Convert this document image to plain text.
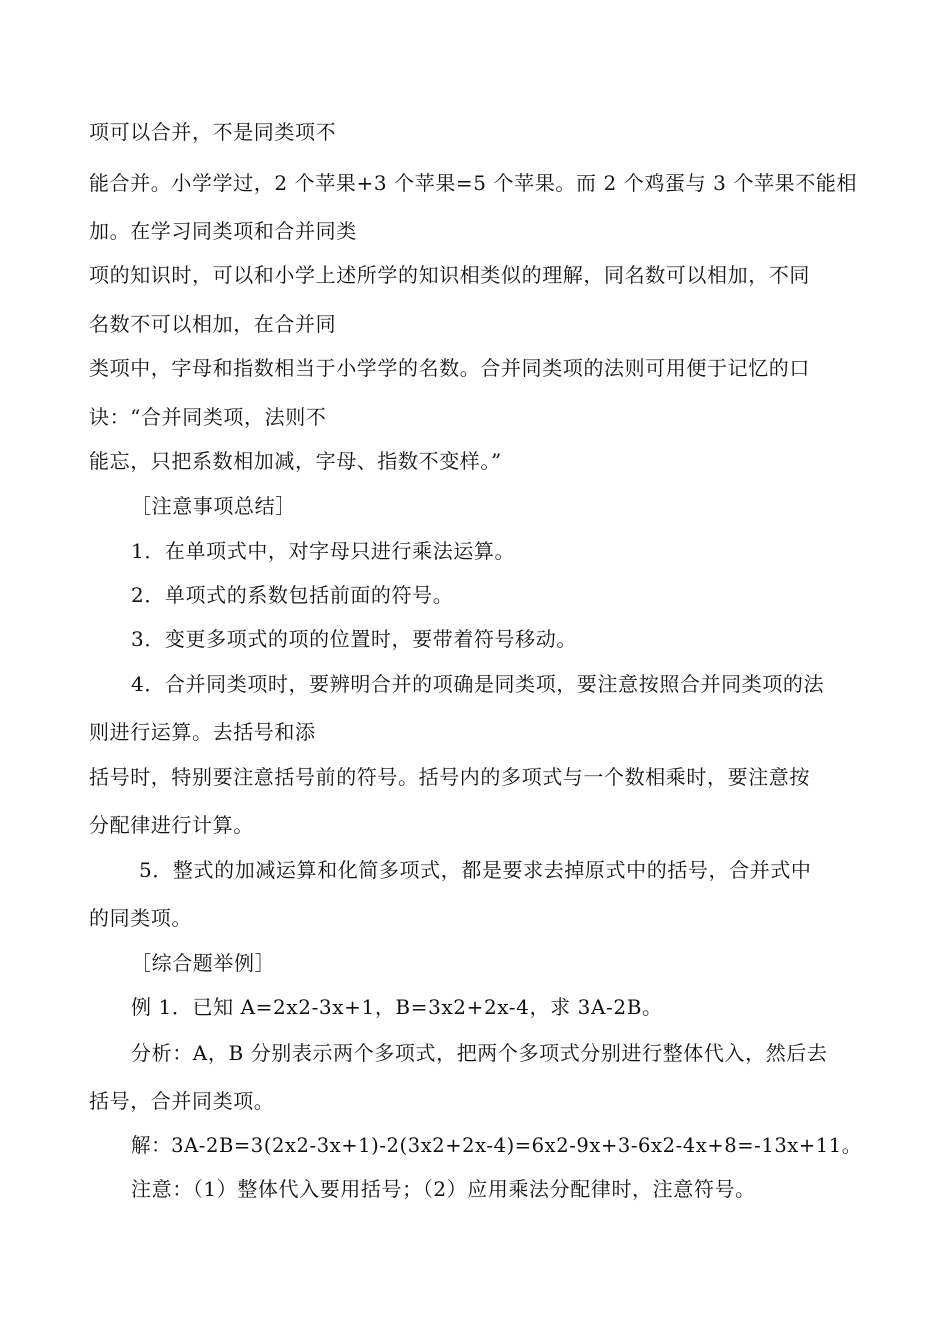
项可以合并，不是同类项不
能合并。小学学过，2 个苹果+3 个苹果=5 个苹果。而 2 个鸡蛋与 3 个苹果不能相
加。在学习同类项和合并同类
项的知识时，可以和小学上述所学的知识相类似的理解，同名数可以相加，不同
名数不可以相加，在合并同
类项中，字母和指数相当于小学学的名数。合并同类项的法则可用便于记忆的口
诀：“合并同类项，法则不
能忘，只把系数相加减，字母、指数不变样。”
［注意事项总结］
1．在单项式中，对字母只进行乘法运算。
2．单项式的系数包括前面的符号。
3．变更多项式的项的位置时，要带着符号移动。
4．合并同类项时，要辨明合并的项确是同类项，要注意按照合并同类项的法
则进行运算。去括号和添
括号时，特别要注意括号前的符号。括号内的多项式与一个数相乘时，要注意按
分配律进行计算。
5．整式的加减运算和化简多项式，都是要求去掉原式中的括号，合并式中
的同类项。
［综合题举例］
例 1．已知 A=2x2-3x+1，B=3x2+2x-4，求 3A-2B。
分析：A，B 分别表示两个多项式，把两个多项式分别进行整体代入，然后去
括号，合并同类项。
解：3A-2B=3(2x2-3x+1)-2(3x2+2x-4)=6x2-9x+3-6x2-4x+8=-13x+11。
注意：（1）整体代入要用括号；（2）应用乘法分配律时，注意符号。
